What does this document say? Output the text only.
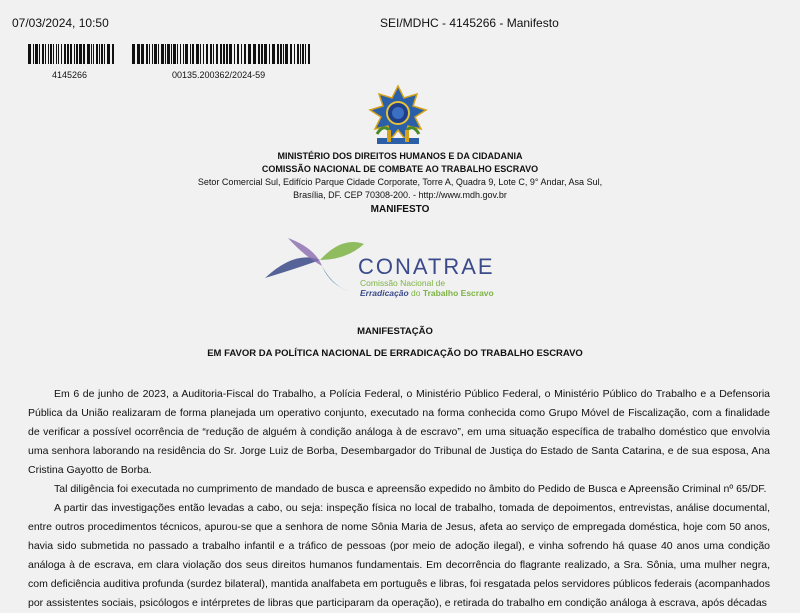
07/03/2024, 10:50	SEI/MDHC - 4145266 - Manifesto
4145266	00135.200362/2024-59
MINISTÉRIO DOS DIREITOS HUMANOS E DA CIDADANIA
COMISSÃO NACIONAL DE COMBATE AO TRABALHO ESCRAVO
Setor Comercial Sul, Edifício Parque Cidade Corporate, Torre A, Quadra 9, Lote C, 9° Andar, Asa Sul,
Brasília, DF. CEP 70308-200. - http://www.mdh.gov.br
MANIFESTO
CONATRAE
Comissão Nacional de
Erradicação do Trabalho Escravo
MANIFESTAÇÃO
EM FAVOR DA POLÍTICA NACIONAL DE ERRADICAÇÃO DO TRABALHO ESCRAVO

Em 6 de junho de 2023, a Auditoria-Fiscal do Trabalho, a Polícia Federal, o Ministério Público Federal, o Ministério Público do Trabalho e a Defensoria Pública da União realizaram de forma planejada um operativo conjunto, executado na forma conhecida como Grupo Móvel de Fiscalização, com a finalidade de verificar a possível ocorrência de “redução de alguém à condição análoga à de escravo”, em uma situação específica de trabalho doméstico que envolvia uma senhora laborando na residência do Sr. Jorge Luiz de Borba, Desembargador do Tribunal de Justiça do Estado de Santa Catarina, e de sua esposa, Ana Cristina Gayotto de Borba.

Tal diligência foi executada no cumprimento de mandado de busca e apreensão expedido no âmbito do Pedido de Busca e Apreensão Criminal nº 65/DF.

A partir das investigações então levadas a cabo, ou seja: inspeção física no local de trabalho, tomada de depoimentos, entrevistas, análise documental, entre outros procedimentos técnicos, apurou-se que a senhora de nome Sônia Maria de Jesus, afeta ao serviço de empregada doméstica, hoje com 50 anos, havia sido submetida no passado a trabalho infantil e a tráfico de pessoas (por meio de adoção ilegal), e vinha sofrendo há quase 40 anos uma condição análoga à de escrava, em clara violação dos seus direitos humanos fundamentais. Em decorrência do flagrante realizado, a Sra. Sônia, uma mulher negra, com deficiência auditiva profunda (surdez bilateral), mantida analfabeta em português e libras, foi resgatada pelos servidores públicos federais (acompanhados por assistentes sociais, psicólogos e intérpretes de libras que participaram da operação), e retirada do trabalho em condição análoga à escrava, após décadas
